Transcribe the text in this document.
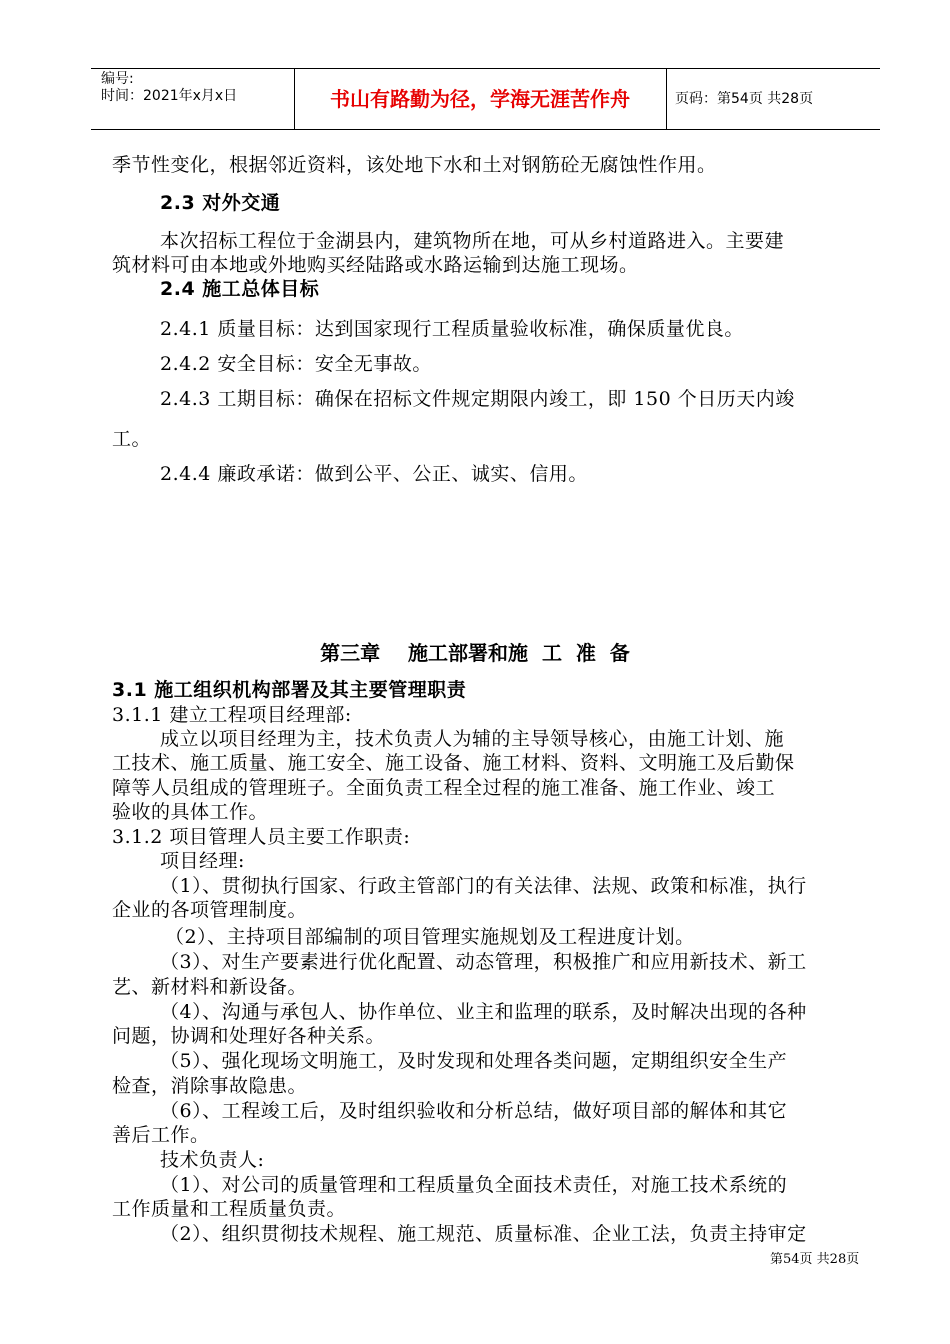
编号:
时间：2021年x月x日	书山有路勤为径，学海无涯苦作舟	页码：第54页 共28页
季节性变化，根据邻近资料，该处地下水和土对钢筋砼无腐蚀性作用。
2.3 对外交通
本次招标工程位于金湖县内，建筑物所在地，可从乡村道路进入。主要建
筑材料可由本地或外地购买经陆路或水路运输到达施工现场。
2.4 施工总体目标
2.4.1 质量目标：达到国家现行工程质量验收标准，确保质量优良。
2.4.2 安全目标：安全无事故。
2.4.3 工期目标：确保在招标文件规定期限内竣工，即 150 个日历天内竣
工。
2.4.4 廉政承诺：做到公平、公正、诚实、信用。
第三章    施工部署和施  工  准  备
3.1 施工组织机构部署及其主要管理职责
3.1.1 建立工程项目经理部:
成立以项目经理为主，技术负责人为辅的主导领导核心，由施工计划、施
工技术、施工质量、施工安全、施工设备、施工材料、资料、文明施工及后勤保
障等人员组成的管理班子。全面负责工程全过程的施工准备、施工作业、竣工
验收的具体工作。
3.1.2 项目管理人员主要工作职责:
项目经理:
（1）、贯彻执行国家、行政主管部门的有关法律、法规、政策和标准，执行
企业的各项管理制度。
（2）、主持项目部编制的项目管理实施规划及工程进度计划。
（3）、对生产要素进行优化配置、动态管理，积极推广和应用新技术、新工
艺、新材料和新设备。
（4）、沟通与承包人、协作单位、业主和监理的联系，及时解决出现的各种
问题，协调和处理好各种关系。
（5）、强化现场文明施工，及时发现和处理各类问题，定期组织安全生产
检查，消除事故隐患。
（6）、工程竣工后，及时组织验收和分析总结，做好项目部的解体和其它
善后工作。
技术负责人:
（1）、对公司的质量管理和工程质量负全面技术责任，对施工技术系统的
工作质量和工程质量负责。
（2）、组织贯彻技术规程、施工规范、质量标准、企业工法，负责主持审定
第54页 共28页
